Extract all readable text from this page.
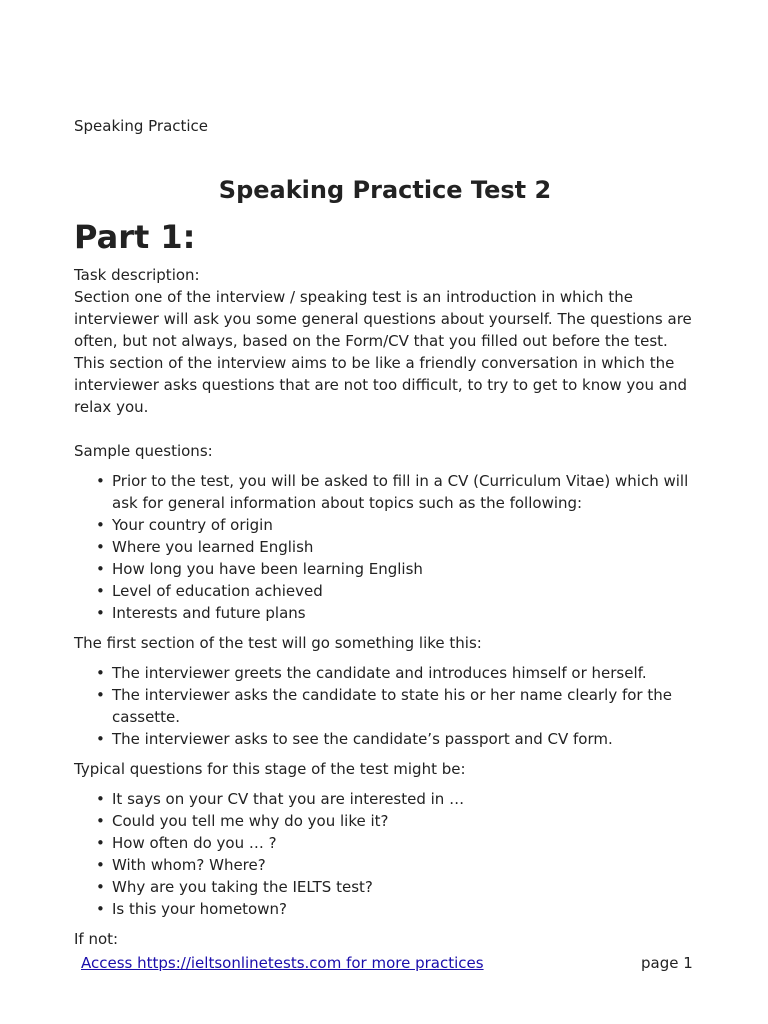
Speaking Practice
Speaking Practice Test 2
Part 1:

Task description:

Section one of the interview / speaking test is an introduction in which the interviewer will ask you some general questions about yourself. The questions are often, but not always, based on the Form/CV that you filled out before the test. This section of the interview aims to be like a friendly conversation in which the interviewer asks questions that are not too difficult, to try to get to know you and relax you.

Sample questions:

• Prior to the test, you will be asked to fill in a CV (Curriculum Vitae) which will ask for general information about topics such as the following:
• Your country of origin
• Where you learned English
• How long you have been learning English
• Level of education achieved
• Interests and future plans

The first section of the test will go something like this:

• The interviewer greets the candidate and introduces himself or herself.
• The interviewer asks the candidate to state his or her name clearly for the cassette.
• The interviewer asks to see the candidate’s passport and CV form.

Typical questions for this stage of the test might be:

• It says on your CV that you are interested in …
• Could you tell me why do you like it?
• How often do you … ?
• With whom? Where?
• Why are you taking the IELTS test?
• Is this your hometown?

If not:

Access https://ieltsonlinetests.com for more practices	page 1
